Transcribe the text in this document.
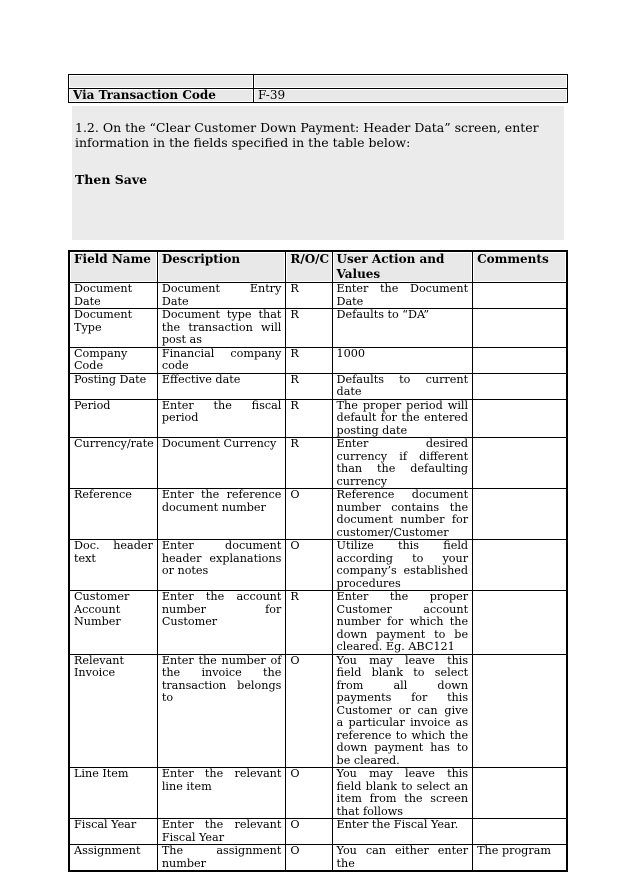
Via Transaction Code	F-39

1.2. On the “Clear Customer Down Payment: Header Data” screen, enter information in the fields specified in the table below:

Then Save

Field Name	Description	R/O/C	User Action and Values	Comments
Document Date	Document Entry Date	R	Enter the Document Date	
Document Type	Document type that the transaction will post as	R	Defaults to “DA”	
Company Code	Financial company code	R	1000	
Posting Date	Effective date	R	Defaults to current date	
Period	Enter the fiscal period	R	The proper period will default for the entered posting date	
Currency/rate	Document Currency	R	Enter desired currency if different than the defaulting currency	
Reference	Enter the reference document number	O	Reference document number contains the document number for customer/Customer	
Doc. header text	Enter document header explanations or notes	O	Utilize this field according to your company’s established procedures	
Customer Account Number	Enter the account number for Customer	R	Enter the proper Customer account number for which the down payment to be cleared. Eg. ABC121	
Relevant Invoice	Enter the number of the invoice the transaction belongs to	O	You may leave this field blank to select from all down payments for this Customer or can give a particular invoice as reference to which the down payment has to be cleared.	
Line Item	Enter the relevant line item	O	You may leave this field blank to select an item from the screen that follows	
Fiscal Year	Enter the relevant Fiscal Year	O	Enter the Fiscal Year.	
Assignment	The assignment number	O	You can either enter the	The program
